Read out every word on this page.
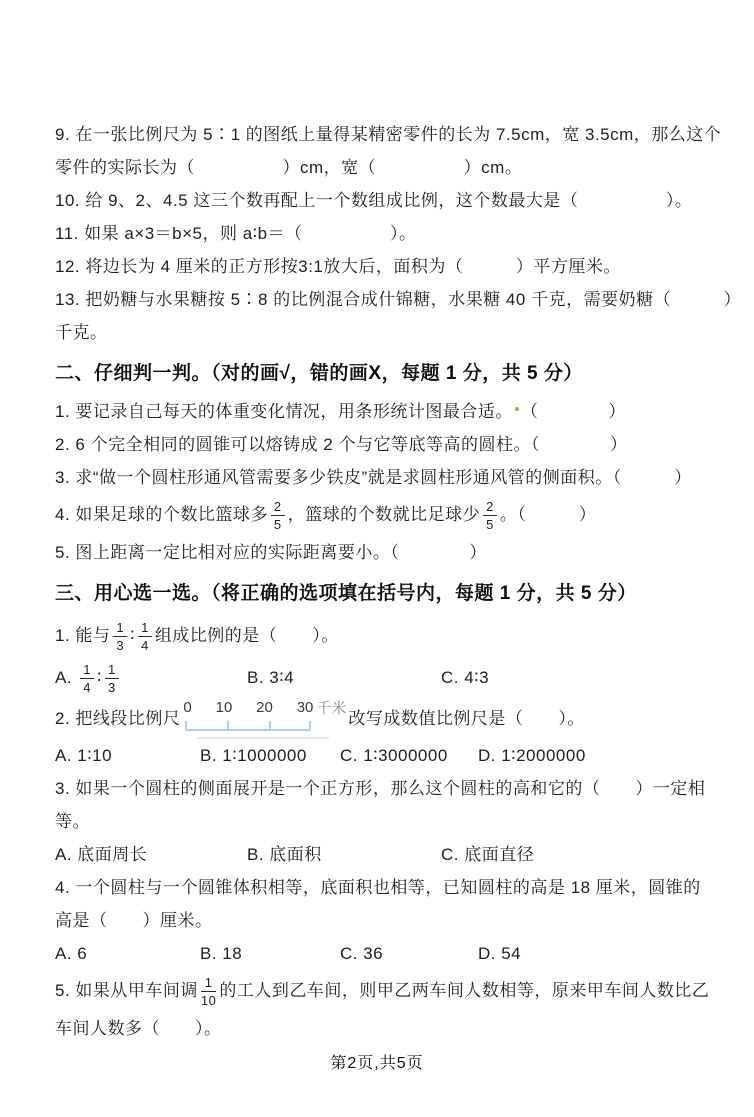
9. 在一张比例尺为 5∶1 的图纸上量得某精密零件的长为 7.5cm，宽 3.5cm，那么这个
零件的实际长为（　　　　　）cm，宽（　　　　　）cm。
10. 给 9、2、4.5 这三个数再配上一个数组成比例，这个数最大是（　　　　　）。
11. 如果 a×3＝b×5，则 a∶b＝（　　　　　）。
12. 将边长为 4 厘米的正方形按3:1放大后，面积为（　　　）平方厘米。
13. 把奶糖与水果糖按 5∶8 的比例混合成什锦糖，水果糖 40 千克，需要奶糖（　　　）
千克。
二、仔细判一判。（对的画√，错的画X，每题 1 分，共 5 分）
1. 要记录自己每天的体重变化情况，用条形统计图最合适。 （　　　　）
2. 6 个完全相同的圆锥可以熔铸成 2 个与它等底等高的圆柱。（　　　　）
3. 求“做一个圆柱形通风管需要多少铁皮”就是求圆柱形通风管的侧面积。（　　　）
4. 如果足球的个数比篮球多 $\frac{2}{5}$ ，篮球的个数就比足球少 $\frac{2}{5}$ 。（　　　）
5. 图上距离一定比相对应的实际距离要小。（　　　　）
三、用心选一选。（将正确的选项填在括号内，每题 1 分，共 5 分）
1. 能与 $\frac{1}{3}$ ∶ $\frac{1}{4}$ 组成比例的是（　　）。
A. $\frac{1}{4}$ ∶ $\frac{1}{3}$	B. 3∶4	C. 4∶3
2. 把线段比例尺
0 10 20 30 千米
改写成数值比例尺是（　　）。
A. 1∶10	B. 1∶1000000 C. 1∶3000000 D. 1∶2000000
3. 如果一个圆柱的侧面展开是一个正方形，那么这个圆柱的高和它的（　　）一定相
等。
A. 底面周长	B. 底面积	C. 底面直径
4. 一个圆柱与一个圆锥体积相等，底面积也相等，已知圆柱的高是 18 厘米，圆锥的
高是（　　）厘米。
A. 6	B. 18	C. 36	D. 54
5. 如果从甲车间调 $\frac{1}{10}$ 的工人到乙车间，则甲乙两车间人数相等，原来甲车间人数比乙
车间人数多（　　）。
第2页,共5页
